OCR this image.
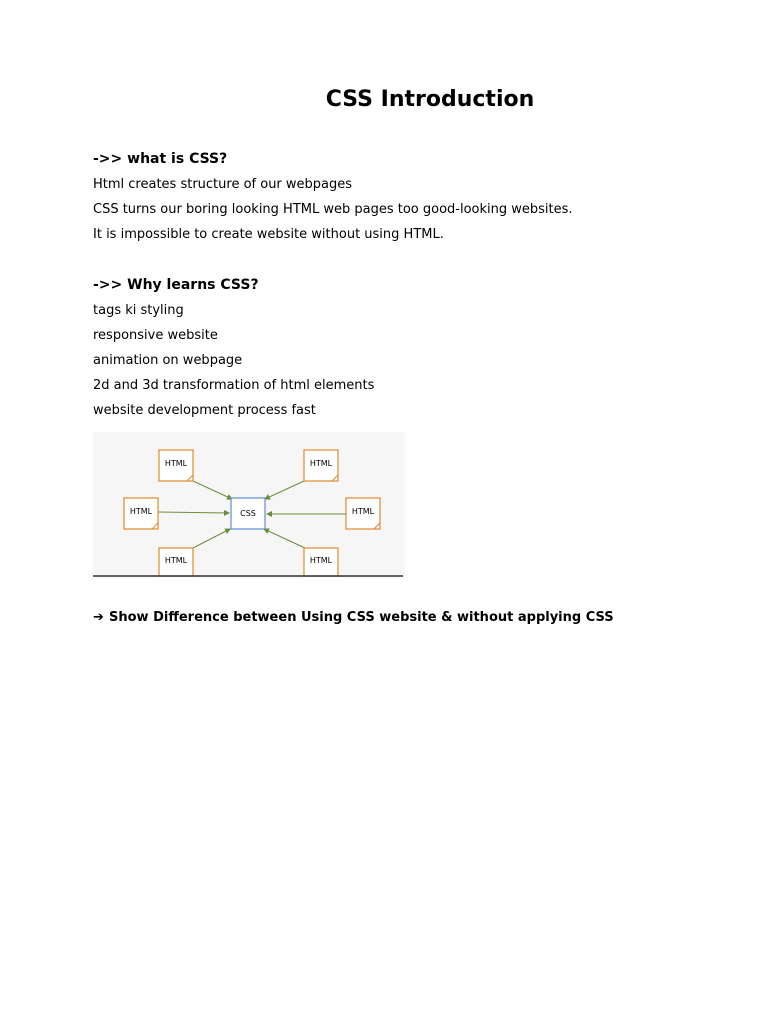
CSS Introduction
->> what is CSS?

Html creates structure of our webpages

CSS turns our boring looking HTML web pages too good-looking websites.

It is impossible to create website without using HTML.

->> Why learns CSS?

tags ki styling

responsive website

animation on webpage

2d and 3d transformation of html elements

website development process fast

CSS
HTML	HTML
HTML	HTML
HTML	HTML

➔ Show Difference between Using CSS website & without applying CSS
